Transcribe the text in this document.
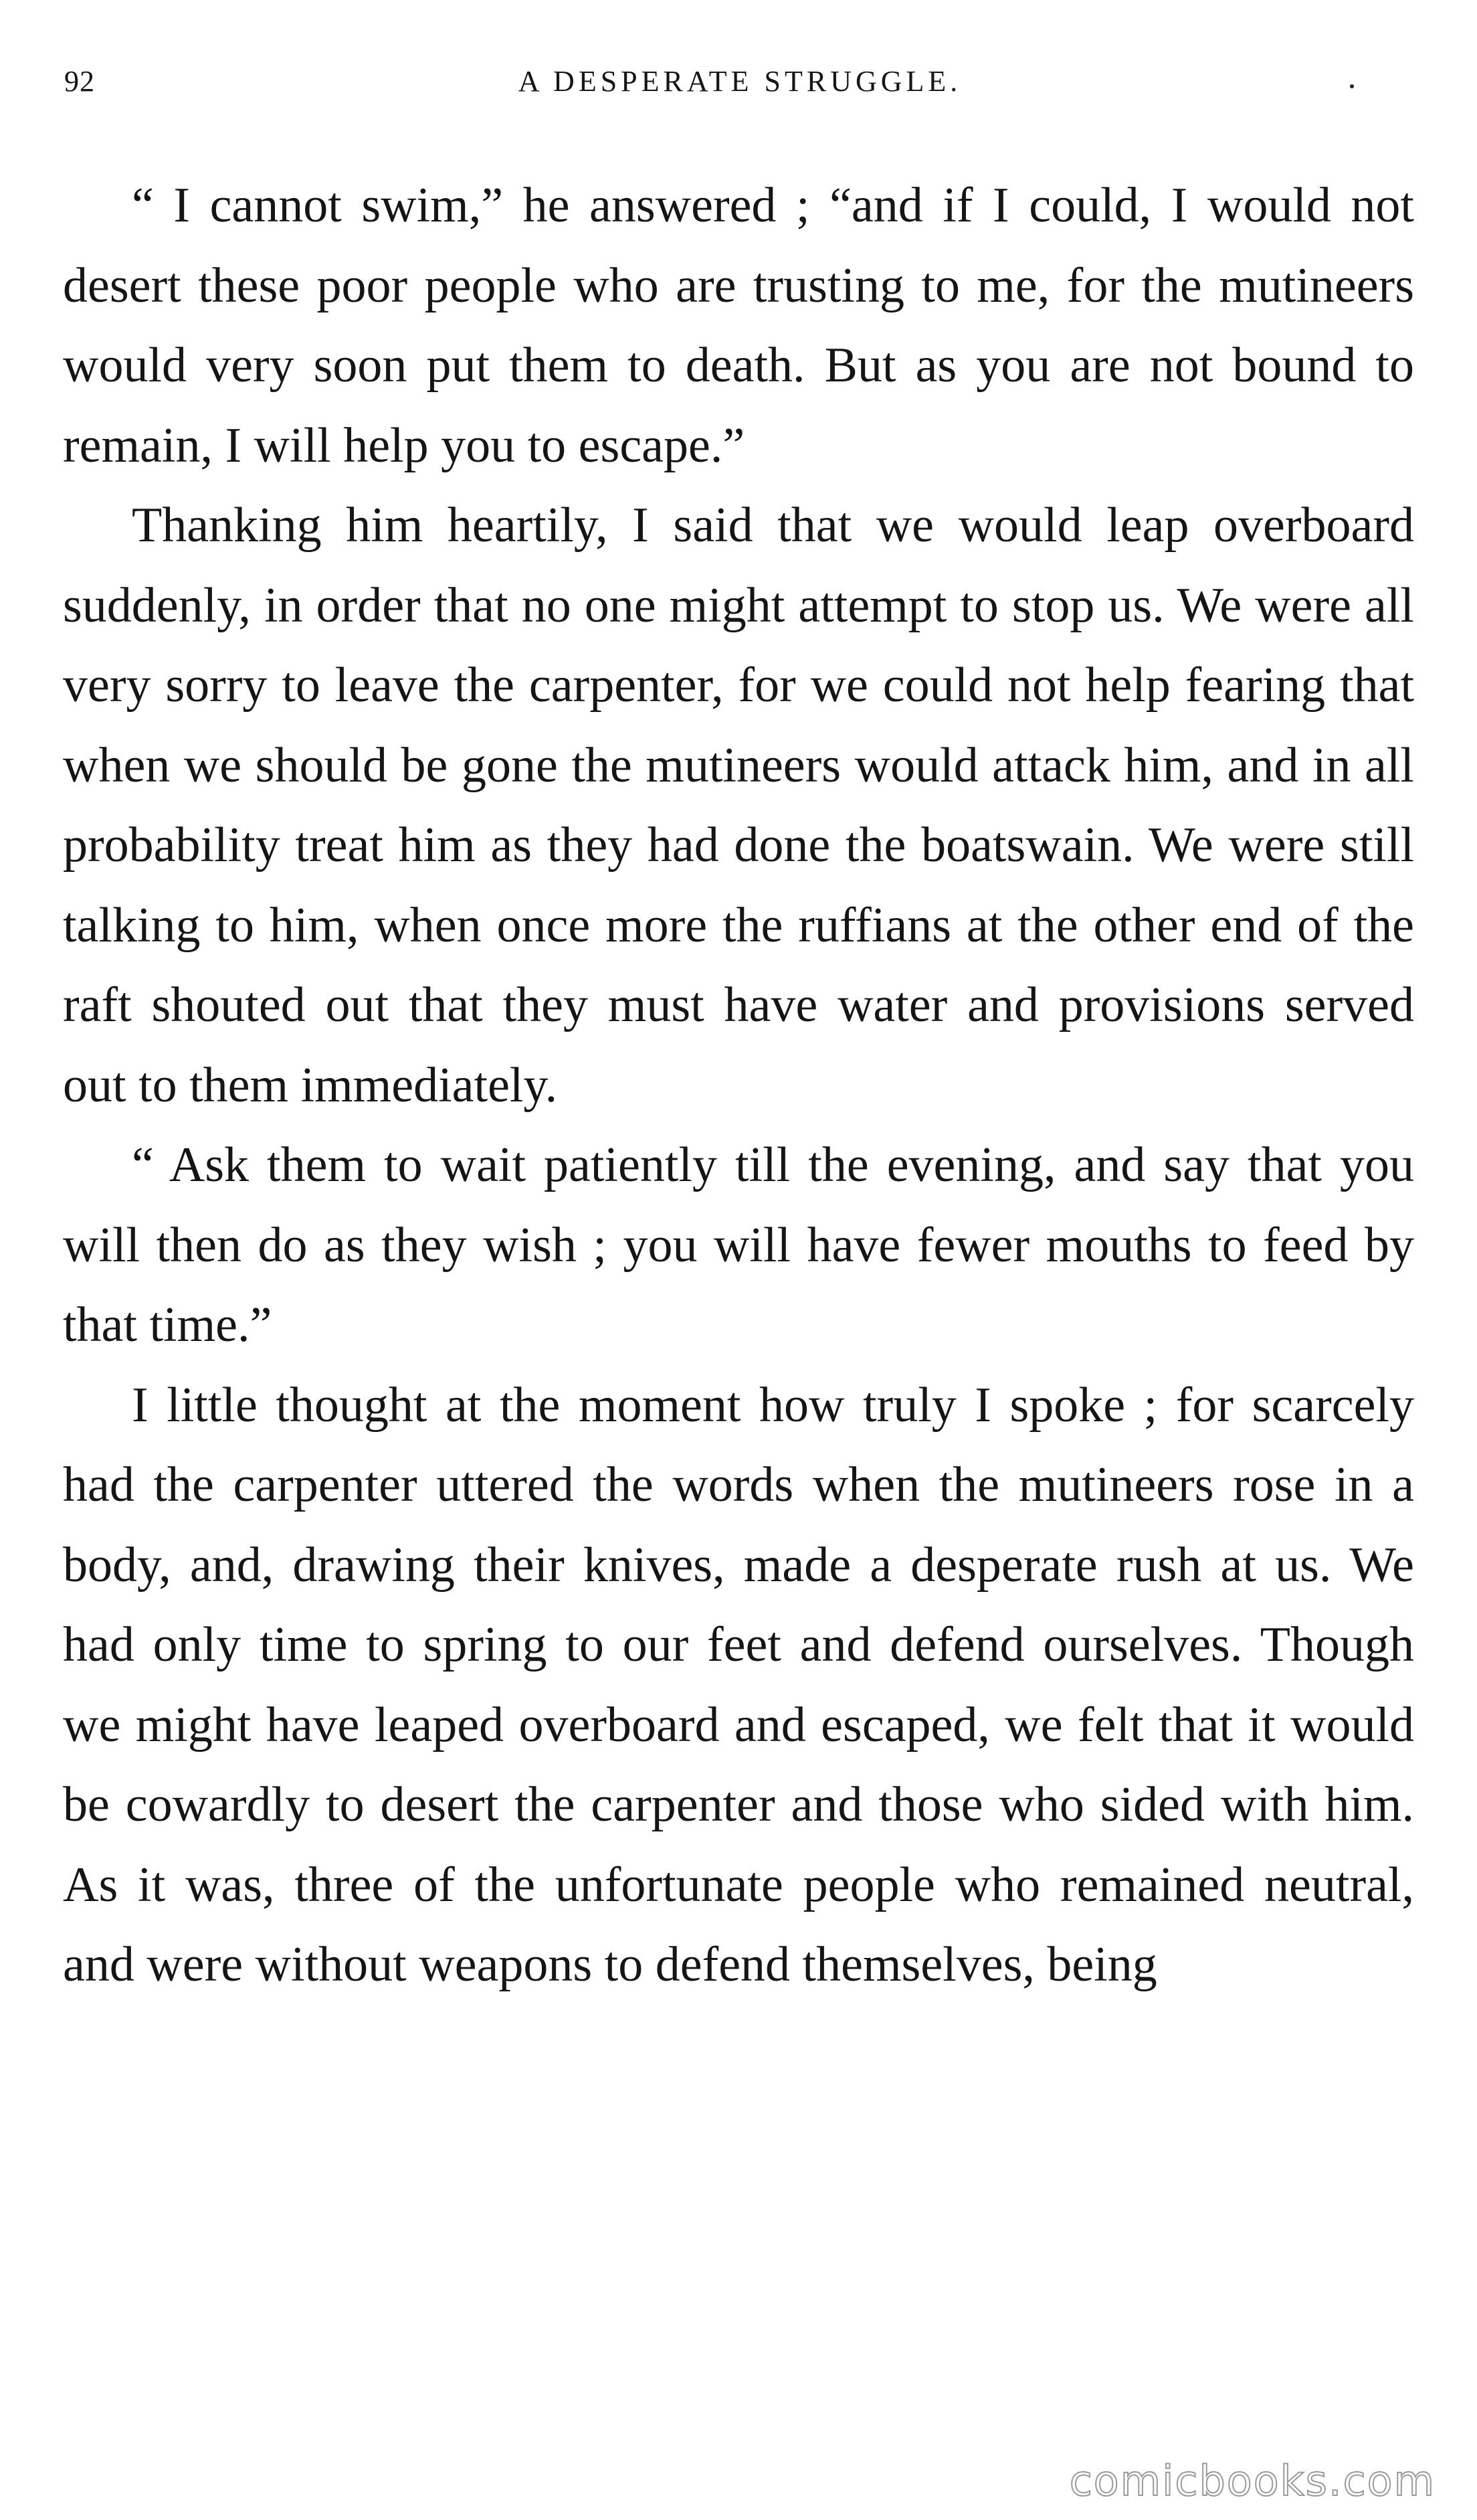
92	A DESPERATE STRUGGLE.

“ I cannot swim,” he answered ; “and if I could, I would not desert these poor people who are trusting to me, for the mutineers would very soon put them to death. But as you are not bound to remain, I will help you to escape.”

Thanking him heartily, I said that we would leap overboard suddenly, in order that no one might attempt to stop us. We were all very sorry to leave the carpenter, for we could not help fearing that when we should be gone the mutineers would attack him, and in all probability treat him as they had done the boatswain. We were still talking to him, when once more the ruffians at the other end of the raft shouted out that they must have water and provisions served out to them immediately.

“ Ask them to wait patiently till the evening, and say that you will then do as they wish ; you will have fewer mouths to feed by that time.”

I little thought at the moment how truly I spoke ; for scarcely had the carpenter uttered the words when the mutineers rose in a body, and, drawing their knives, made a desperate rush at us. We had only time to spring to our feet and defend ourselves. Though we might have leaped overboard and escaped, we felt that it would be cowardly to desert the carpenter and those who sided with him. As it was, three of the unfortunate people who remained neutral, and were without weapons to defend themselves, being

comicbooks.com
